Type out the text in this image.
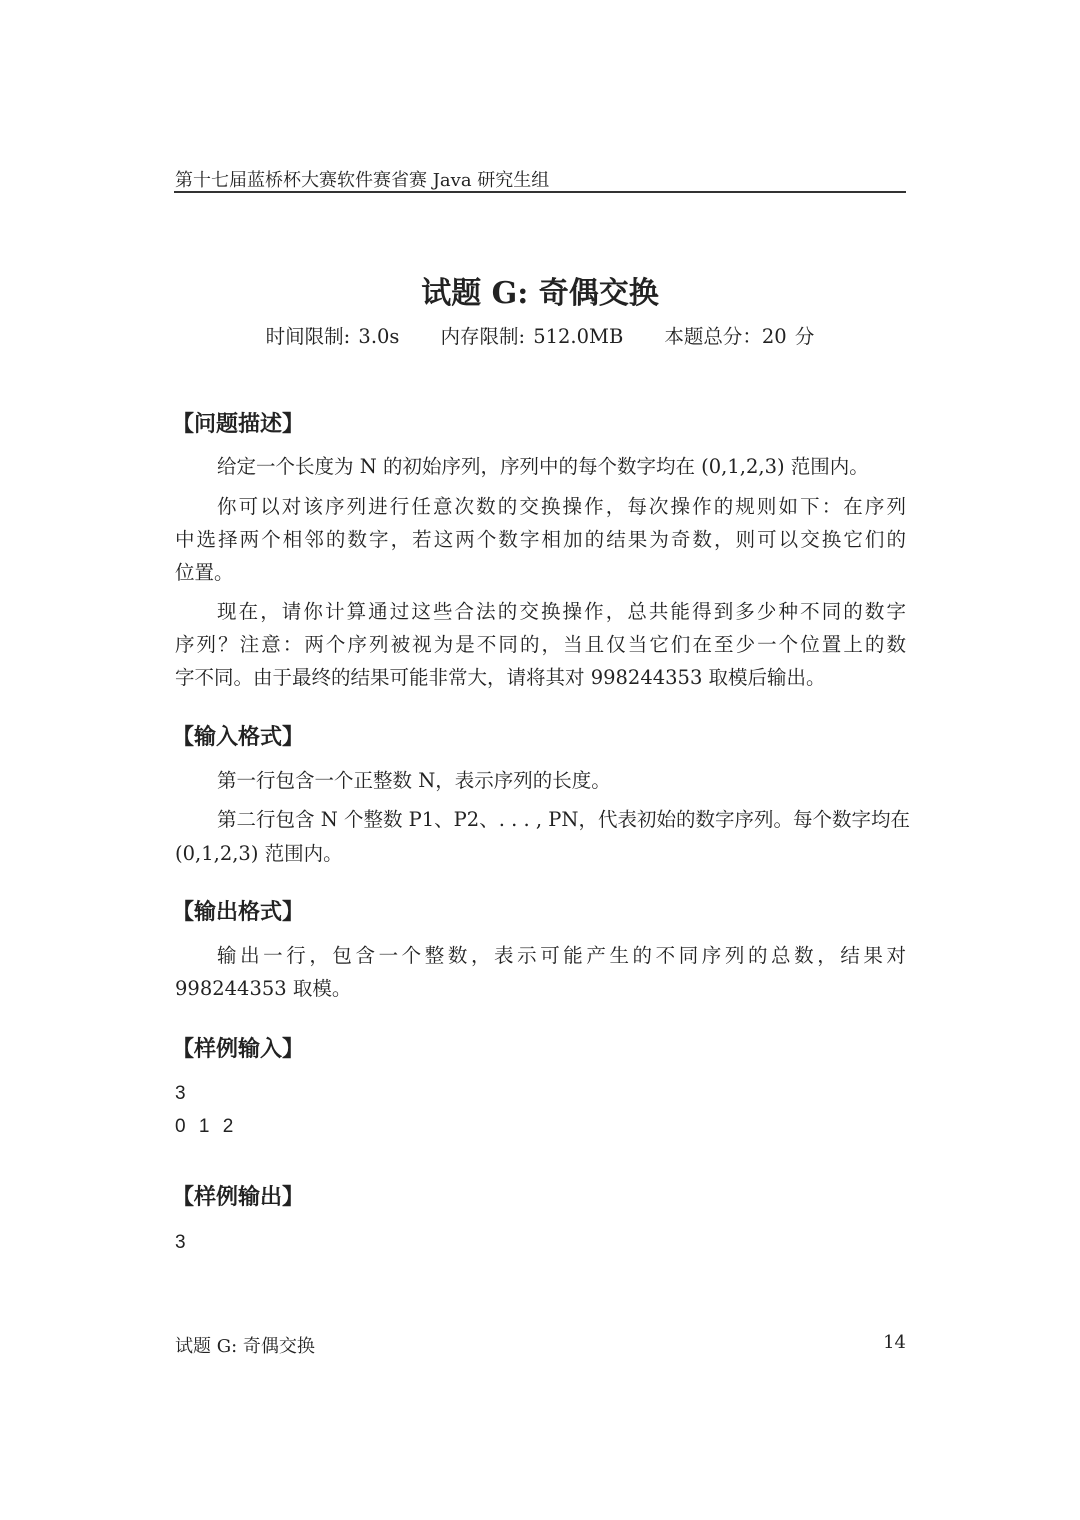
第十七届蓝桥杯大赛软件赛省赛 Java 研究生组
试题 G: 奇偶交换
时间限制: 3.0s 内存限制: 512.0MB 本题总分：20 分
【问题描述】
给定一个长度为 N 的初始序列，序列中的每个数字均在 (0,1,2,3) 范围内。
你可以对该序列进行任意次数的交换操作，每次操作的规则如下：在序列
中选择两个相邻的数字，若这两个数字相加的结果为奇数，则可以交换它们的
位置。
现在，请你计算通过这些合法的交换操作，总共能得到多少种不同的数字
序列？注意：两个序列被视为是不同的，当且仅当它们在至少一个位置上的数
字不同。由于最终的结果可能非常大，请将其对 998244353 取模后输出。
【输入格式】
第一行包含一个正整数 N，表示序列的长度。
第二行包含 N 个整数 P1、P2、. . . , PN，代表初始的数字序列。每个数字均在
(0,1,2,3) 范围内。
【输出格式】
输出一行，包含一个整数，表示可能产生的不同序列的总数，结果对
998244353 取模。
【样例输入】
3
0 1 2
【样例输出】
3
试题 G: 奇偶交换	14
